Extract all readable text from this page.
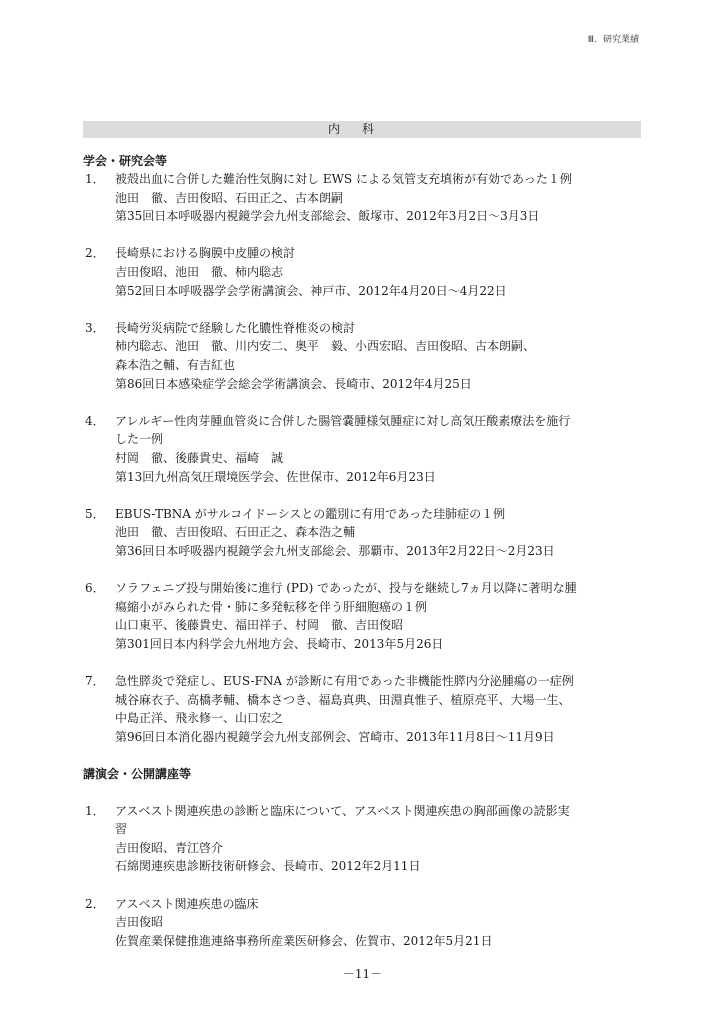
Ⅲ．研究業績
内科
学会・研究会等
1． 被殻出血に合併した難治性気胸に対し EWS による気管支充填術が有効であった１例
池田　徹、吉田俊昭、石田正之、古本朗嗣
第35回日本呼吸器内視鏡学会九州支部総会、飯塚市、2012年3月2日～3月3日
2． 長崎県における胸膜中皮腫の検討
吉田俊昭、池田　徹、柿内聡志
第52回日本呼吸器学会学術講演会、神戸市、2012年4月20日～4月22日
3． 長崎労災病院で経験した化膿性脊椎炎の検討
柿内聡志、池田　徹、川内安二、奥平　毅、小西宏昭、吉田俊昭、古本朗嗣、
森本浩之輔、有吉紅也
第86回日本感染症学会総会学術講演会、長崎市、2012年4月25日
4． アレルギー性肉芽腫血管炎に合併した腸管嚢腫様気腫症に対し高気圧酸素療法を施行
した一例
村岡　徹、後藤貴史、福崎　誠
第13回九州高気圧環境医学会、佐世保市、2012年6月23日
5． EBUS-TBNA がサルコイドーシスとの鑑別に有用であった珪肺症の１例
池田　徹、吉田俊昭、石田正之、森本浩之輔
第36回日本呼吸器内視鏡学会九州支部総会、那覇市、2013年2月22日～2月23日
6． ソラフェニブ投与開始後に進行 (PD) であったが、投与を継続し7ヵ月以降に著明な腫
瘍縮小がみられた骨・肺に多発転移を伴う肝細胞癌の１例
山口東平、後藤貴史、福田祥子、村岡　徹、吉田俊昭
第301回日本内科学会九州地方会、長崎市、2013年5月26日
7． 急性膵炎で発症し、EUS-FNA が診断に有用であった非機能性膵内分泌腫瘍の一症例
城谷麻衣子、高橋孝輔、橋本さつき、福島真典、田淵真惟子、植原亮平、大場一生、
中島正洋、飛永修一、山口宏之
第96回日本消化器内視鏡学会九州支部例会、宮崎市、2013年11月8日～11月9日
講演会・公開講座等
1． アスベスト関連疾患の診断と臨床について、アスベスト関連疾患の胸部画像の読影実
習
吉田俊昭、青江啓介
石綿関連疾患診断技術研修会、長崎市、2012年2月11日
2． アスベスト関連疾患の臨床
吉田俊昭
佐賀産業保健推進連絡事務所産業医研修会、佐賀市、2012年5月21日
－11－
